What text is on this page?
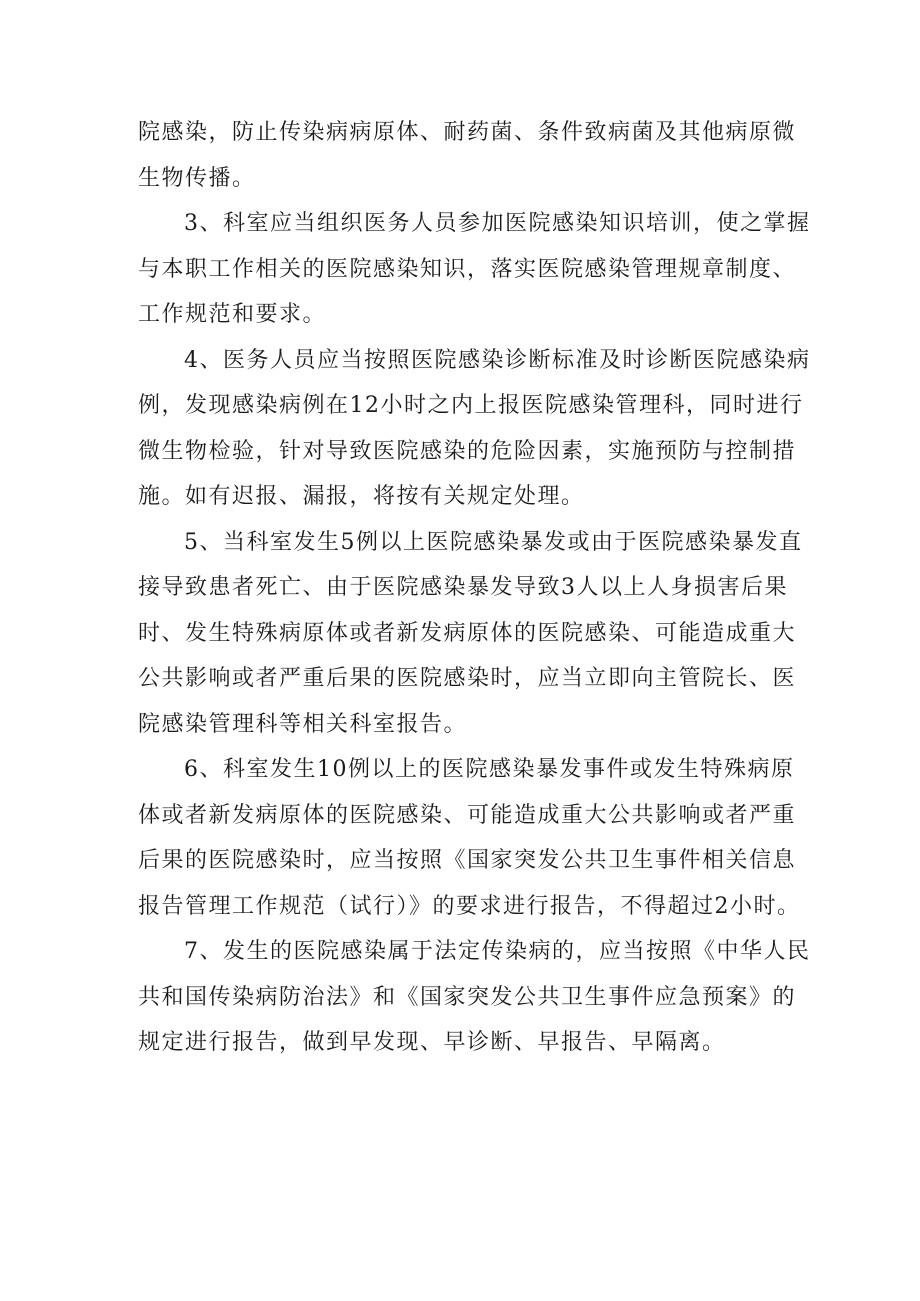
院感染，防止传染病病原体、耐药菌、条件致病菌及其他病原微
生物传播。
3、科室应当组织医务人员参加医院感染知识培训，使之掌握
与本职工作相关的医院感染知识，落实医院感染管理规章制度、
工作规范和要求。
4、医务人员应当按照医院感染诊断标准及时诊断医院感染病
例，发现感染病例在12小时之内上报医院感染管理科，同时进行
微生物检验，针对导致医院感染的危险因素，实施预防与控制措
施。如有迟报、漏报，将按有关规定处理。
5、当科室发生5例以上医院感染暴发或由于医院感染暴发直
接导致患者死亡、由于医院感染暴发导致3人以上人身损害后果
时、发生特殊病原体或者新发病原体的医院感染、可能造成重大
公共影响或者严重后果的医院感染时，应当立即向主管院长、医
院感染管理科等相关科室报告。
6、科室发生10例以上的医院感染暴发事件或发生特殊病原
体或者新发病原体的医院感染、可能造成重大公共影响或者严重
后果的医院感染时，应当按照《国家突发公共卫生事件相关信息
报告管理工作规范（试行）》的要求进行报告，不得超过2小时。
7、发生的医院感染属于法定传染病的，应当按照《中华人民
共和国传染病防治法》和《国家突发公共卫生事件应急预案》的
规定进行报告，做到早发现、早诊断、早报告、早隔离。
